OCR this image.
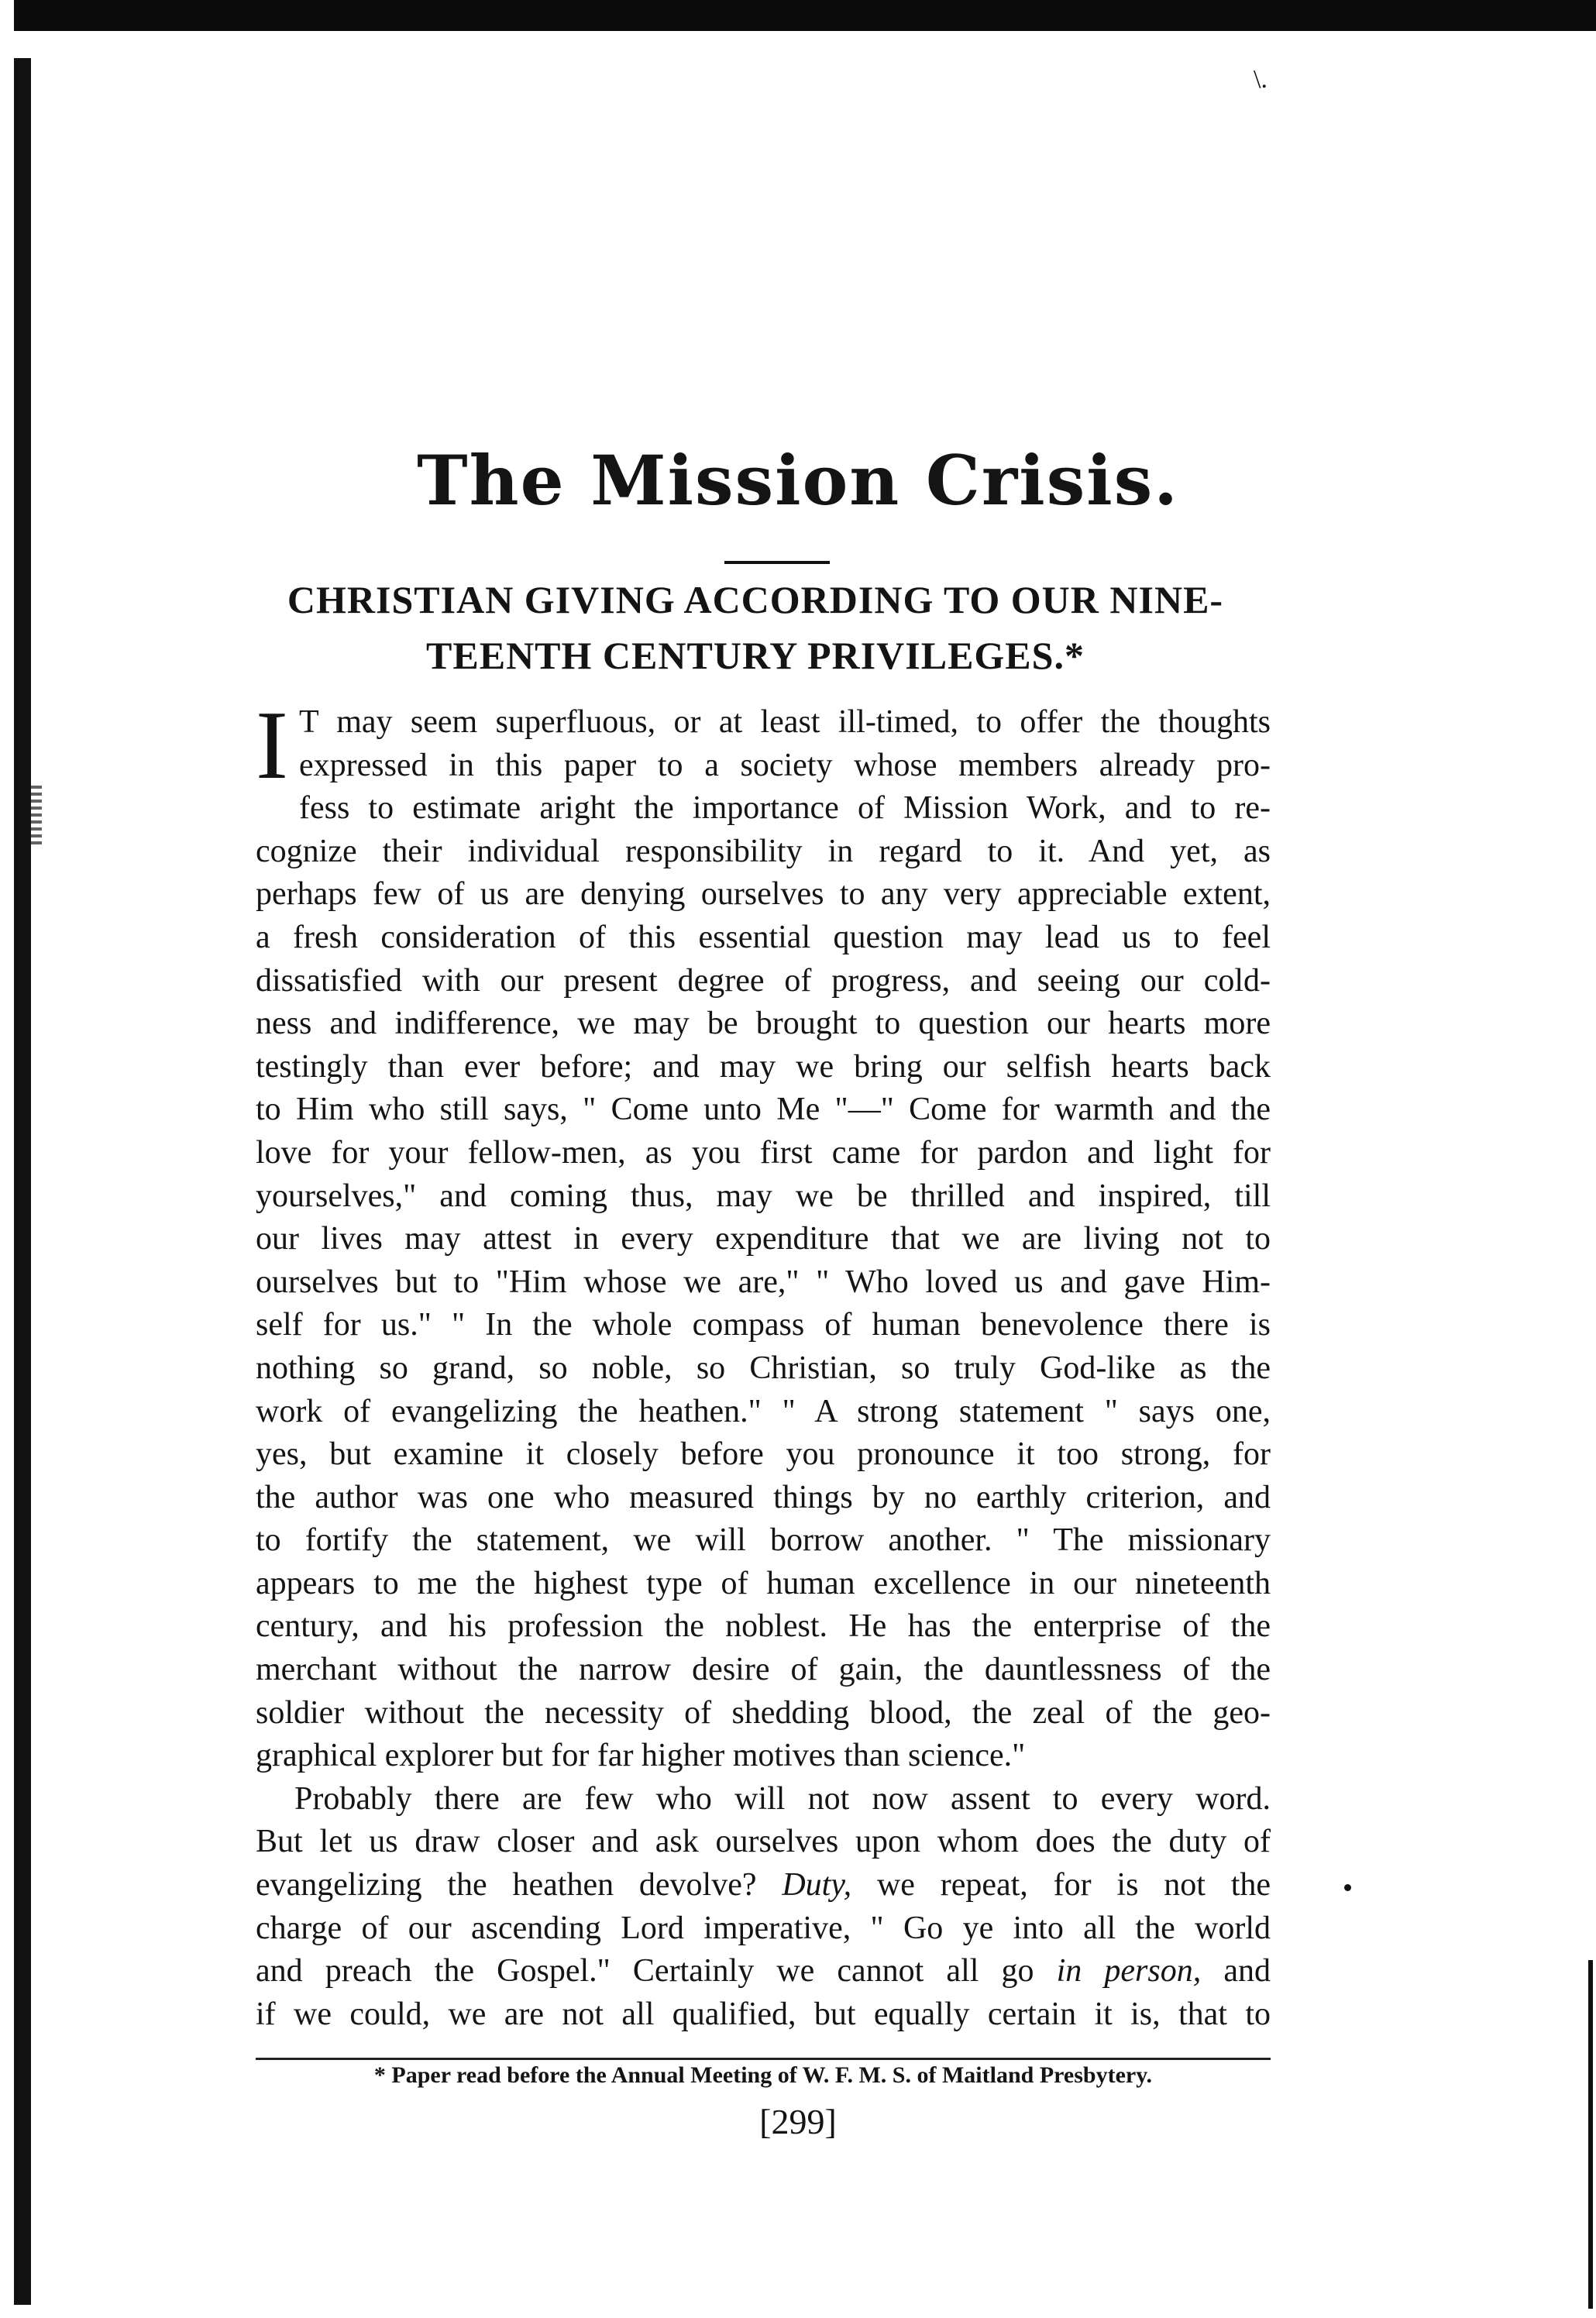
\.
The Mission Crisis.
CHRISTIAN GIVING ACCORDING TO OUR NINE-
TEENTH CENTURY PRIVILEGES.*
I T may seem superfluous, or at least ill-timed, to offer the thoughts
expressed in this paper to a society whose members already pro-
fess to estimate aright the importance of Mission Work, and to re-
cognize their individual responsibility in regard to it. And yet, as
perhaps few of us are denying ourselves to any very appreciable extent,
a fresh consideration of this essential question may lead us to feel
dissatisfied with our present degree of progress, and seeing our cold-
ness and indifference, we may be brought to question our hearts more
testingly than ever before; and may we bring our selfish hearts back
to Him who still says, " Come unto Me "—" Come for warmth and the
love for your fellow-men, as you first came for pardon and light for
yourselves," and coming thus, may we be thrilled and inspired, till
our lives may attest in every expenditure that we are living not to
ourselves but to "Him whose we are," " Who loved us and gave Him-
self for us." " In the whole compass of human benevolence there is
nothing so grand, so noble, so Christian, so truly God-like as the
work of evangelizing the heathen." " A strong statement " says one,
yes, but examine it closely before you pronounce it too strong, for
the author was one who measured things by no earthly criterion, and
to fortify the statement, we will borrow another. " The missionary
appears to me the highest type of human excellence in our nineteenth
century, and his profession the noblest. He has the enterprise of the
merchant without the narrow desire of gain, the dauntlessness of the
soldier without the necessity of shedding blood, the zeal of the geo-
graphical explorer but for far higher motives than science."
Probably there are few who will not now assent to every word.
But let us draw closer and ask ourselves upon whom does the duty of
evangelizing the heathen devolve? Duty, we repeat, for is not the
charge of our ascending Lord imperative, " Go ye into all the world
and preach the Gospel." Certainly we cannot all go in person, and
if we could, we are not all qualified, but equally certain it is, that to

* Paper read before the Annual Meeting of W. F. M. S. of Maitland Presbytery.

[299]
